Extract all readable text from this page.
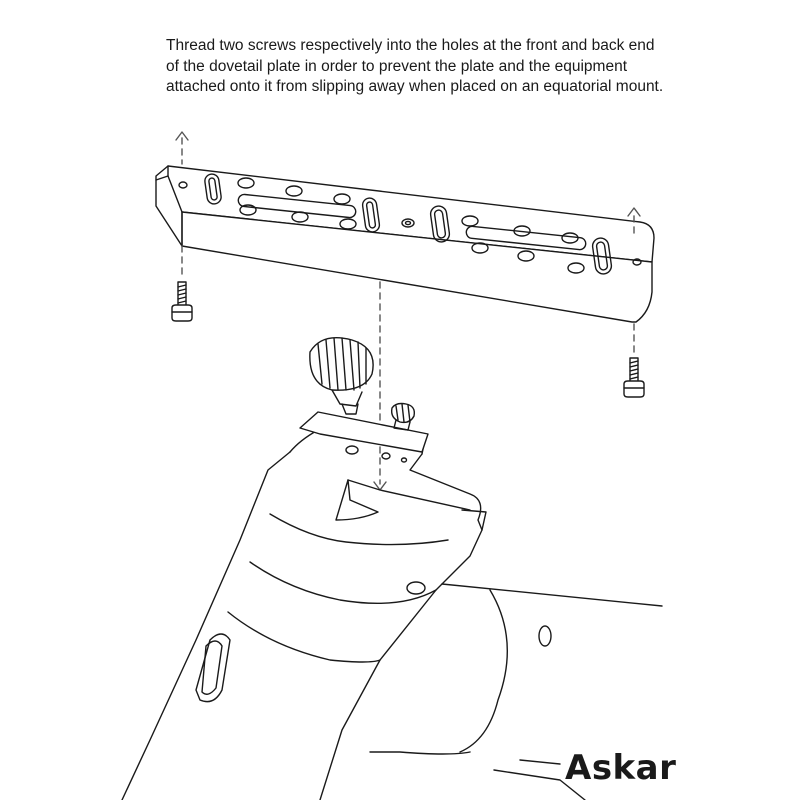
Thread two screws respectively into the holes at the front and back end of the dovetail plate in order to prevent the plate and the equipment attached onto it from slipping away when placed on an equatorial mount.

Askar
